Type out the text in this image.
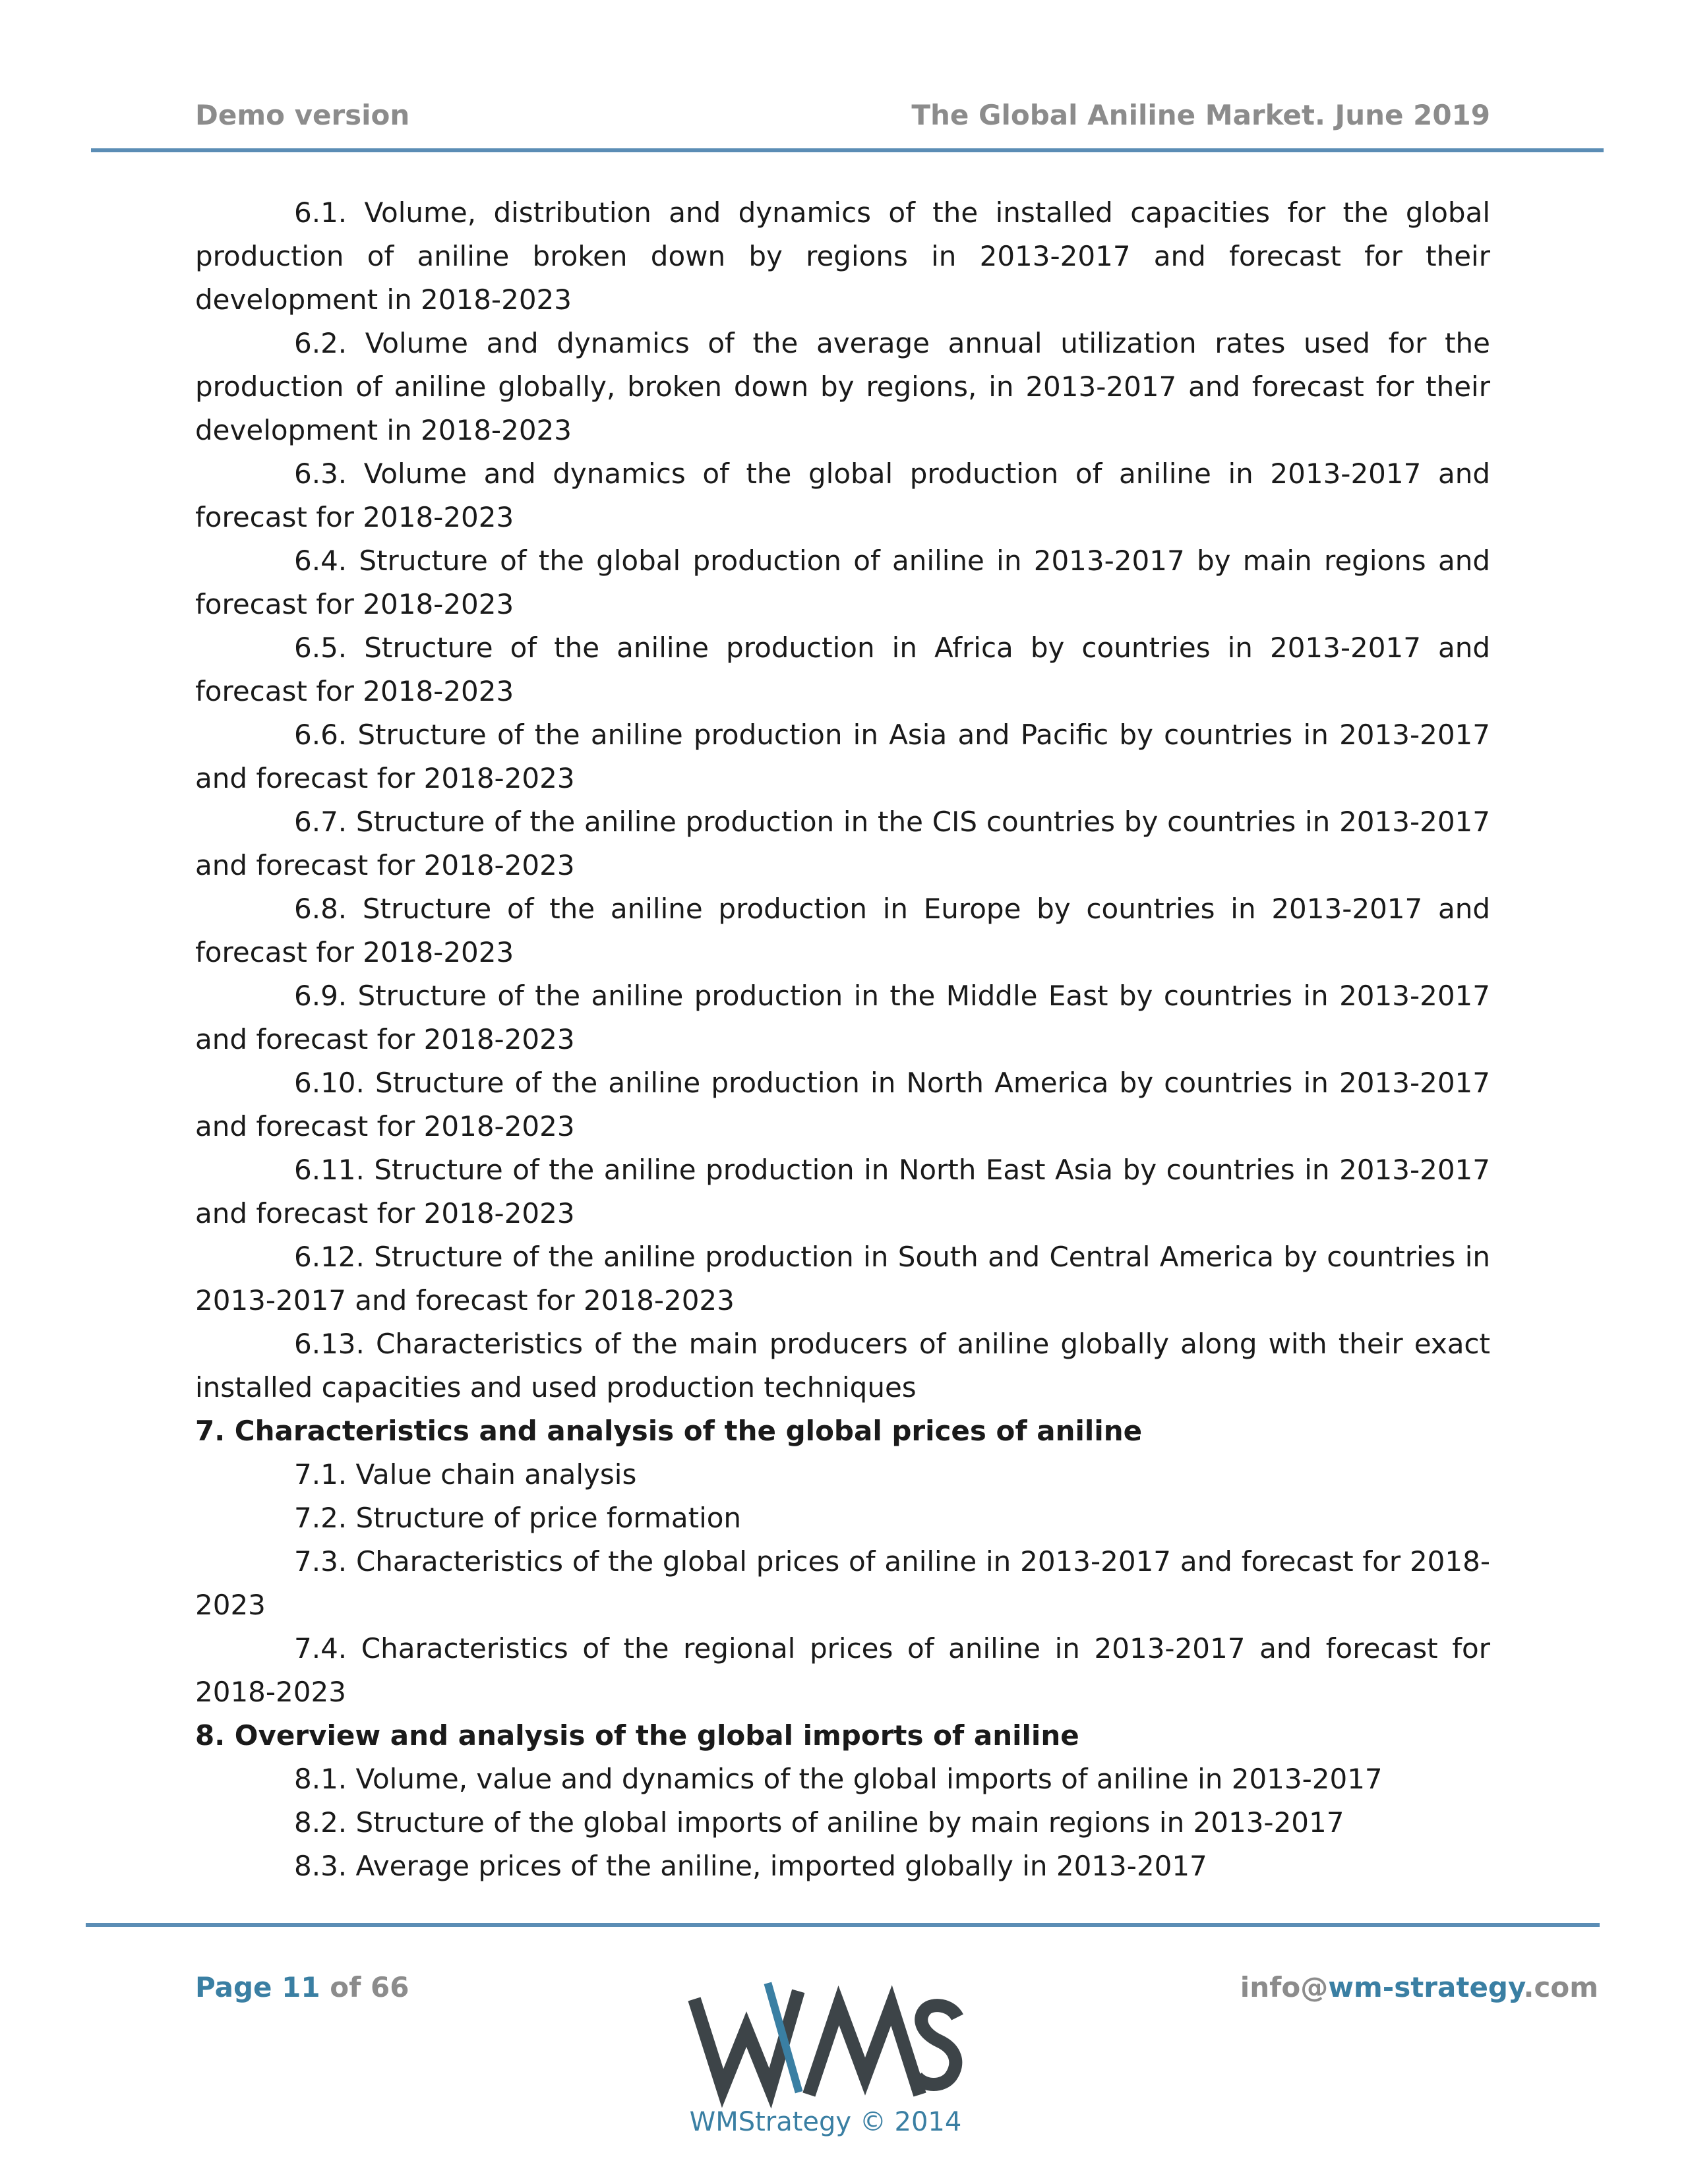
Demo version	The Global Aniline Market. June 2019

6.1. Volume, distribution and dynamics of the installed capacities for the global production of aniline broken down by regions in 2013-2017 and forecast for their development in 2018-2023

6.2. Volume and dynamics of the average annual utilization rates used for the production of aniline globally, broken down by regions, in 2013-2017 and forecast for their development in 2018-2023

6.3. Volume and dynamics of the global production of aniline in 2013-2017 and forecast for 2018-2023

6.4. Structure of the global production of aniline in 2013-2017 by main regions and forecast for 2018-2023

6.5. Structure of the aniline production in Africa by countries in 2013-2017 and forecast for 2018-2023

6.6. Structure of the aniline production in Asia and Pacific by countries in 2013-2017 and forecast for 2018-2023

6.7. Structure of the aniline production in the CIS countries by countries in 2013-2017 and forecast for 2018-2023

6.8. Structure of the aniline production in Europe by countries in 2013-2017 and forecast for 2018-2023

6.9. Structure of the aniline production in the Middle East by countries in 2013-2017 and forecast for 2018-2023

6.10. Structure of the aniline production in North America by countries in 2013-2017 and forecast for 2018-2023

6.11. Structure of the aniline production in North East Asia by countries in 2013-2017 and forecast for 2018-2023

6.12. Structure of the aniline production in South and Central America by countries in 2013-2017 and forecast for 2018-2023

6.13. Characteristics of the main producers of aniline globally along with their exact installed capacities and used production techniques

7. Characteristics and analysis of the global prices of aniline

7.1. Value chain analysis

7.2. Structure of price formation

7.3. Characteristics of the global prices of aniline in 2013-2017 and forecast for 2018-2023

7.4. Characteristics of the regional prices of aniline in 2013-2017 and forecast for 2018-2023

8. Overview and analysis of the global imports of aniline

8.1. Volume, value and dynamics of the global imports of aniline in 2013-2017

8.2. Structure of the global imports of aniline by main regions in 2013-2017

8.3. Average prices of the aniline, imported globally in 2013-2017

Page 11 of 66
WMStrategy © 2014
info@wm-strategy.com
